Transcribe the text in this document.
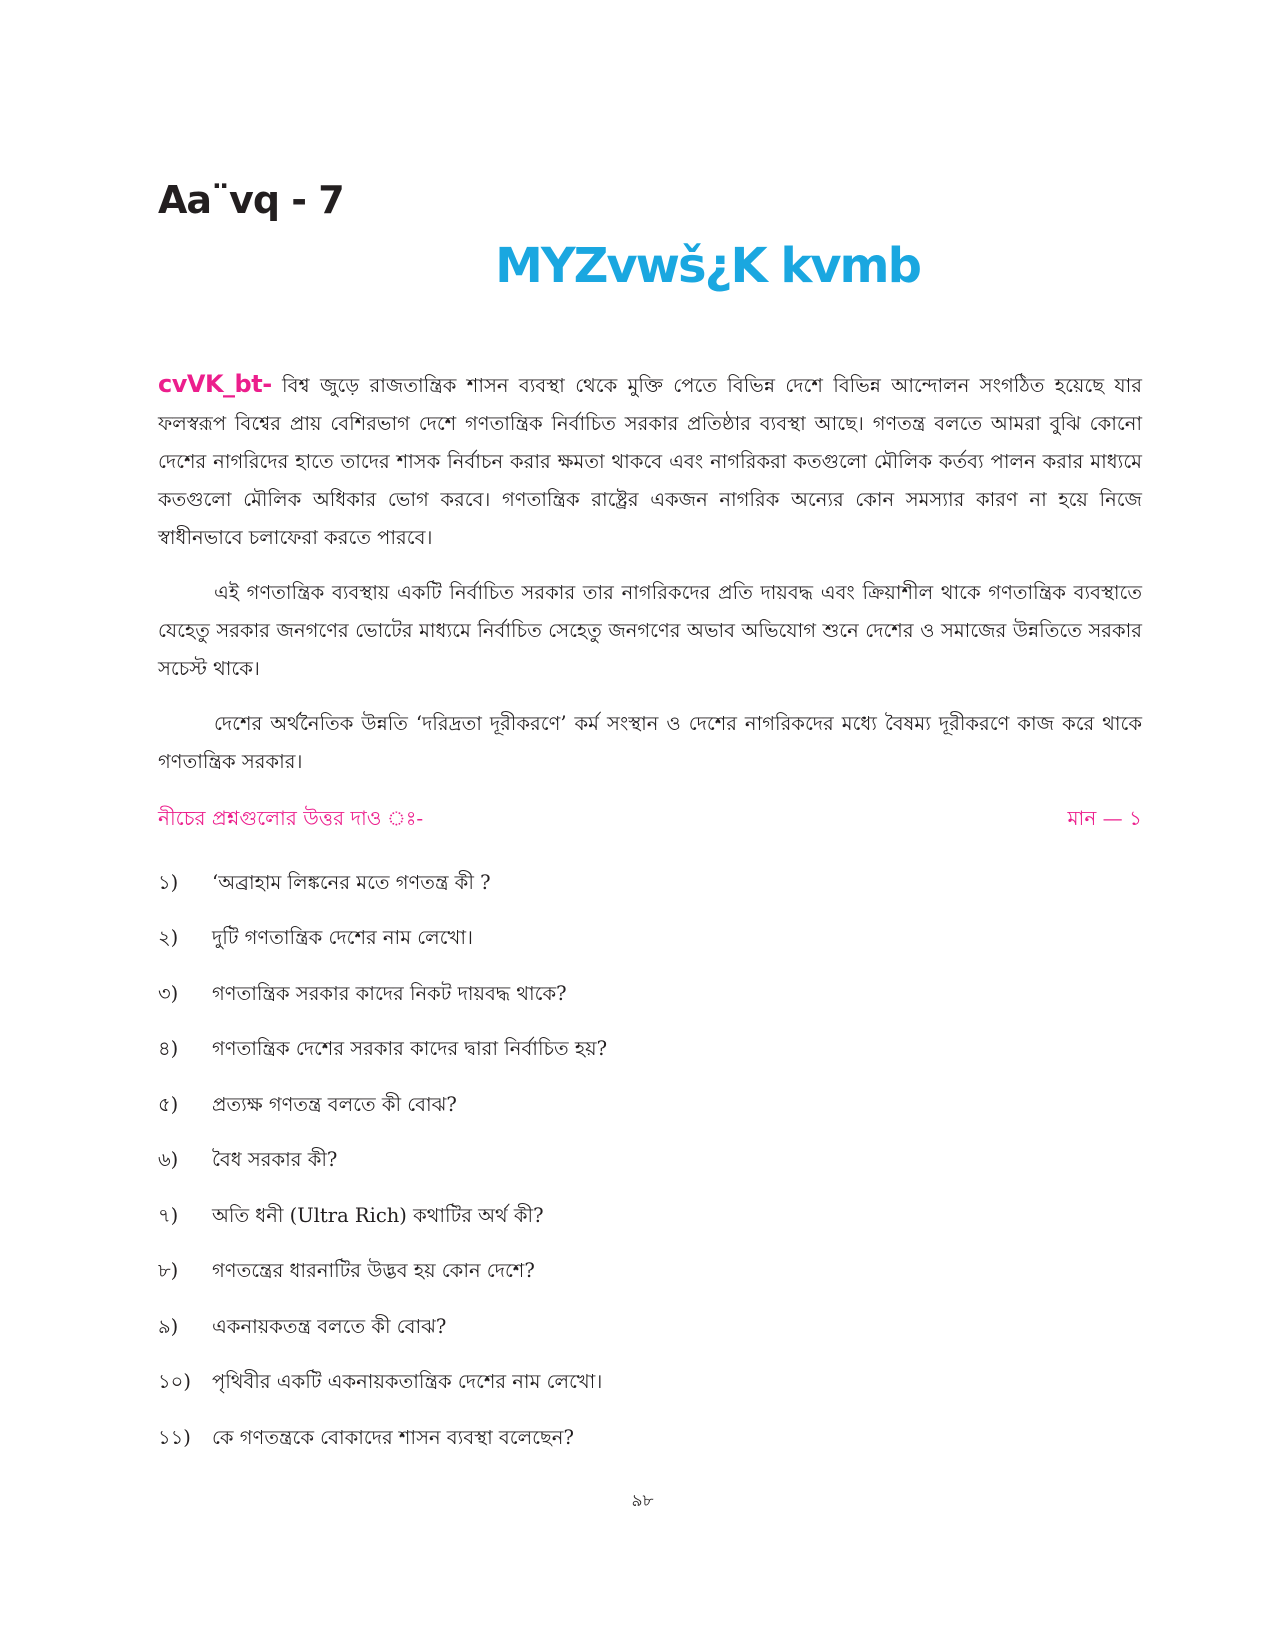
Aa¨vq - 7
MYZvwš¿K kvmb

cvVK_bt- বিশ্ব জুড়ে রাজতান্ত্রিক শাসন ব্যবস্থা থেকে মুক্তি পেতে বিভিন্ন দেশে বিভিন্ন আন্দোলন সংগঠিত হয়েছে যার ফলস্বরূপ বিশ্বের প্রায় বেশিরভাগ দেশে গণতান্ত্রিক নির্বাচিত সরকার প্রতিষ্ঠার ব্যবস্থা আছে। গণতন্ত্র বলতে আমরা বুঝি কোনো দেশের নাগরিদের হাতে তাদের শাসক নির্বাচন করার ক্ষমতা থাকবে এবং নাগরিকরা কতগুলো মৌলিক কর্তব্য পালন করার মাধ্যমে কতগুলো মৌলিক অধিকার ভোগ করবে। গণতান্ত্রিক রাষ্ট্রের একজন নাগরিক অন্যের কোন সমস্যার কারণ না হয়ে নিজে স্বাধীনভাবে চলাফেরা করতে পারবে।

এই গণতান্ত্রিক ব্যবস্থায় একটি নির্বাচিত সরকার তার নাগরিকদের প্রতি দায়বদ্ধ এবং ক্রিয়াশীল থাকে গণতান্ত্রিক ব্যবস্থাতে যেহেতু সরকার জনগণের ভোটের মাধ্যমে নির্বাচিত সেহেতু জনগণের অভাব অভিযোগ শুনে দেশের ও সমাজের উন্নতিতে সরকার সচেস্ট থাকে।

দেশের অর্থনৈতিক উন্নতি ‘দরিদ্রতা দূরীকরণে’ কর্ম সংস্থান ও দেশের নাগরিকদের মধ্যে বৈষম্য দূরীকরণে কাজ করে থাকে গণতান্ত্রিক সরকার।

নীচের প্রশ্নগুলোর উত্তর দাও ঃ-	মান — ১
১)	‘অব্রাহাম লিঙ্কনের মতে গণতন্ত্র কী ?
২)	দুটি গণতান্ত্রিক দেশের নাম লেখো।
৩)	গণতান্ত্রিক সরকার কাদের নিকট দায়বদ্ধ থাকে?
৪)	গণতান্ত্রিক দেশের সরকার কাদের দ্বারা নির্বাচিত হয়?
৫)	প্রত্যক্ষ গণতন্ত্র বলতে কী বোঝ?
৬)	বৈধ সরকার কী?
৭)	অতি ধনী (Ultra Rich) কথাটির অর্থ কী?
৮)	গণতন্ত্রের ধারনাটির উদ্ভব হয় কোন দেশে?
৯)	একনায়কতন্ত্র বলতে কী বোঝ?
১০)	পৃথিবীর একটি একনায়কতান্ত্রিক দেশের নাম লেখো।
১১)	কে গণতন্ত্রকে বোকাদের শাসন ব্যবস্থা বলেছেন?
৯৮
